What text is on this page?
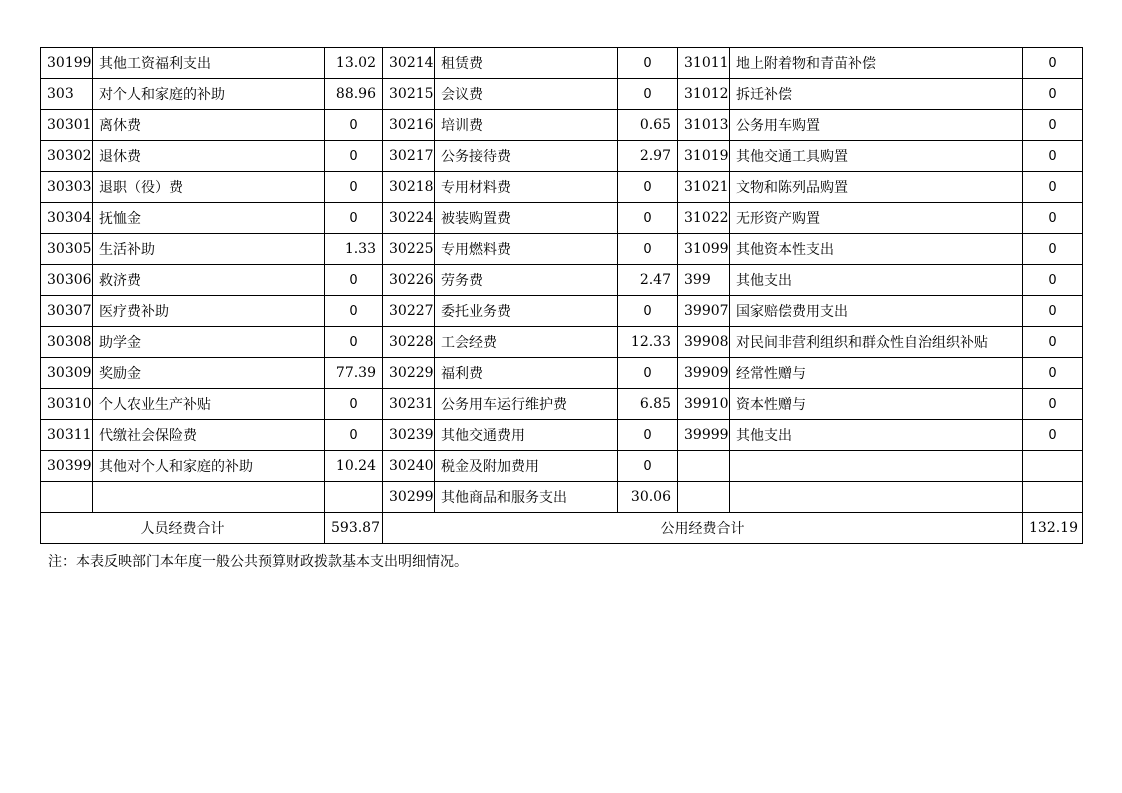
30199	其他工资福利支出	13.02	30214	租赁费	0	31011	地上附着物和青苗补偿	0
303	对个人和家庭的补助	88.96	30215	会议费	0	31012	拆迁补偿	0
30301	离休费	0	30216	培训费	0.65	31013	公务用车购置	0
30302	退休费	0	30217	公务接待费	2.97	31019	其他交通工具购置	0
30303	退职（役）费	0	30218	专用材料费	0	31021	文物和陈列品购置	0
30304	抚恤金	0	30224	被装购置费	0	31022	无形资产购置	0
30305	生活补助	1.33	30225	专用燃料费	0	31099	其他资本性支出	0
30306	救济费	0	30226	劳务费	2.47	399	其他支出	0
30307	医疗费补助	0	30227	委托业务费	0	39907	国家赔偿费用支出	0
30308	助学金	0	30228	工会经费	12.33	39908	对民间非营利组织和群众性自治组织补贴	0
30309	奖励金	77.39	30229	福利费	0	39909	经常性赠与	0
30310	个人农业生产补贴	0	30231	公务用车运行维护费	6.85	39910	资本性赠与	0
30311	代缴社会保险费	0	30239	其他交通费用	0	39999	其他支出	0
30399	其他对个人和家庭的补助	10.24	30240	税金及附加费用	0			
			30299	其他商品和服务支出	30.06			
人员经费合计		593.87	公用经费合计					132.19
注：本表反映部门本年度一般公共预算财政拨款基本支出明细情况。
